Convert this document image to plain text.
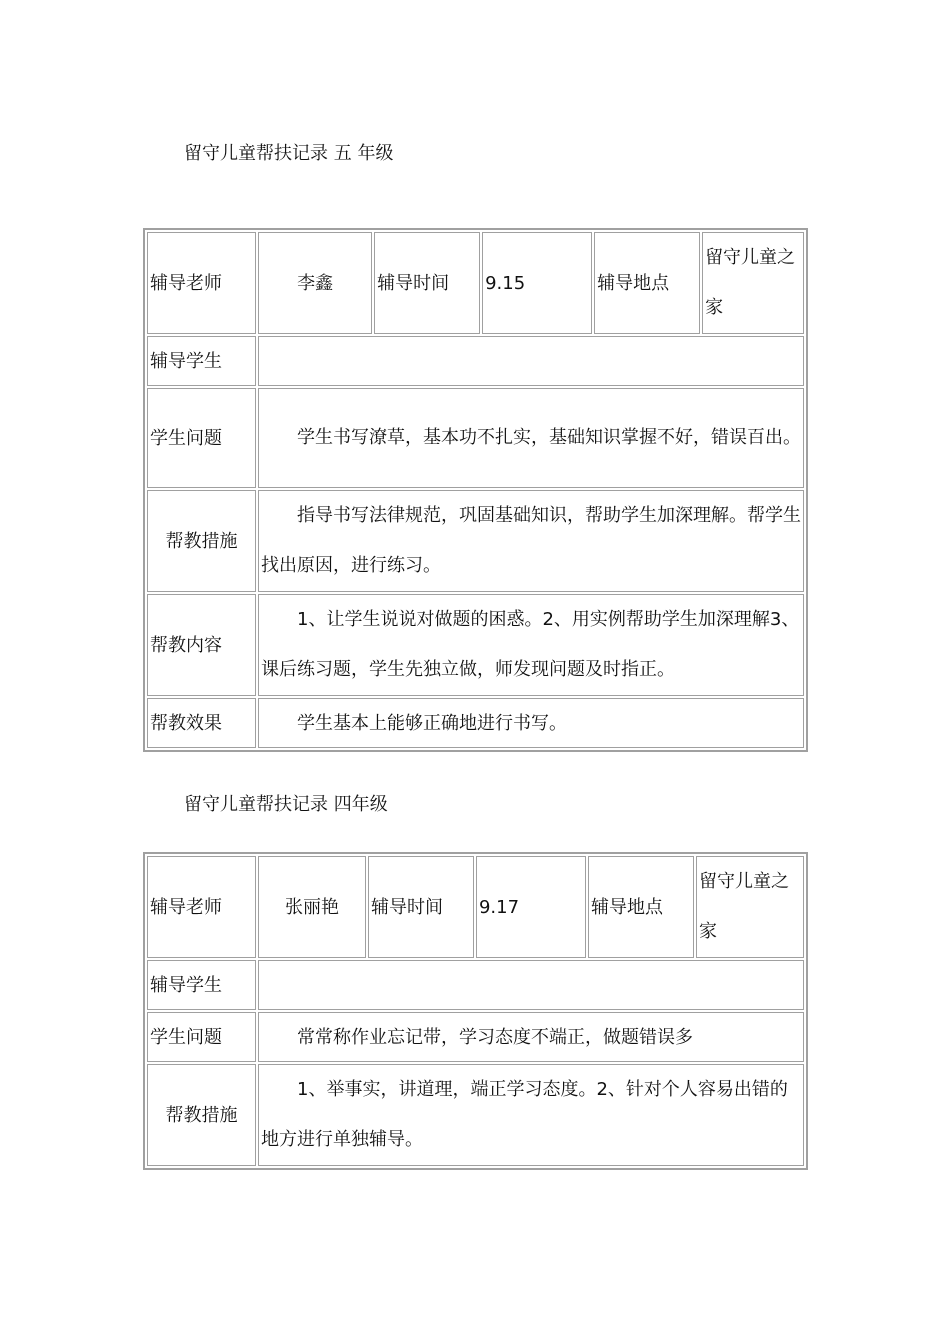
留守儿童帮扶记录 五 年级
辅导老师	李鑫	辅导时间	9.15	辅导地点	留守儿童之家
辅导学生					
学生问题	学生书写潦草，基本功不扎实，基础知识掌握不好，错误百出。				
帮教措施	指导书写法律规范，巩固基础知识，帮助学生加深理解。帮学生找出原因，进行练习。				
帮教内容	1、让学生说说对做题的困惑。2、用实例帮助学生加深理解3、课后练习题，学生先独立做，师发现问题及时指正。				
帮教效果	学生基本上能够正确地进行书写。				
留守儿童帮扶记录 四年级
辅导老师	张丽艳	辅导时间	9.17	辅导地点	留守儿童之家
辅导学生					
学生问题	常常称作业忘记带，学习态度不端正，做题错误多				
帮教措施	1、举事实，讲道理，端正学习态度。2、针对个人容易出错的地方进行单独辅导。				
